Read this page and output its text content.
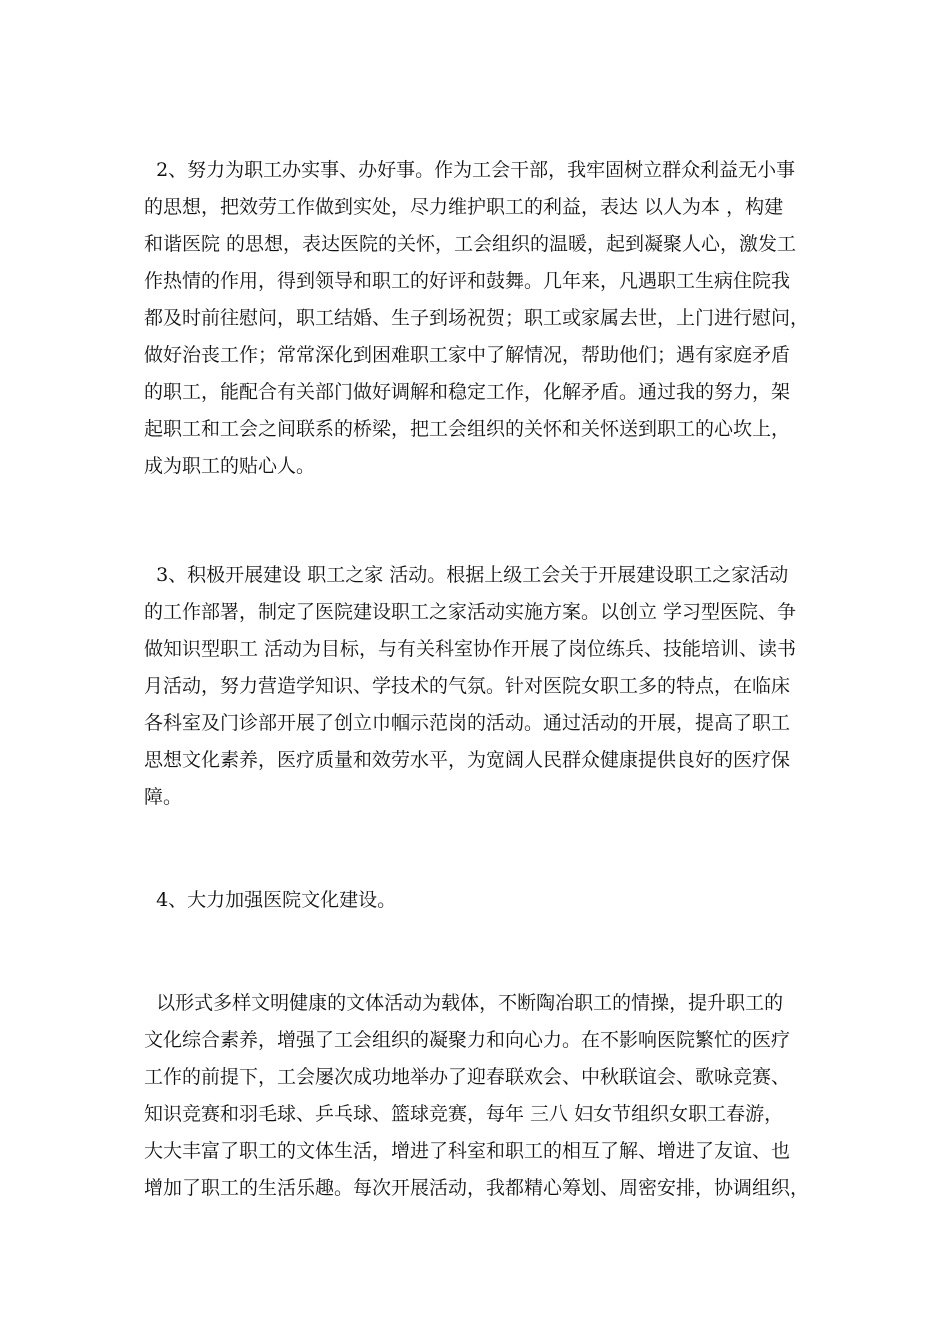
2、努力为职工办实事、办好事。作为工会干部，我牢固树立群众利益无小事
的思想，把效劳工作做到实处，尽力维护职工的利益，表达 以人为本 ，构建
和谐医院 的思想，表达医院的关怀，工会组织的温暖，起到凝聚人心，激发工
作热情的作用，得到领导和职工的好评和鼓舞。几年来，凡遇职工生病住院我
都及时前往慰问，职工结婚、生子到场祝贺；职工或家属去世，上门进行慰问，
做好治丧工作；常常深化到困难职工家中了解情况，帮助他们；遇有家庭矛盾
的职工，能配合有关部门做好调解和稳定工作，化解矛盾。通过我的努力，架
起职工和工会之间联系的桥梁，把工会组织的关怀和关怀送到职工的心坎上，
成为职工的贴心人。
3、积极开展建设 职工之家 活动。根据上级工会关于开展建设职工之家活动
的工作部署，制定了医院建设职工之家活动实施方案。以创立 学习型医院、争
做知识型职工 活动为目标，与有关科室协作开展了岗位练兵、技能培训、读书
月活动，努力营造学知识、学技术的气氛。针对医院女职工多的特点，在临床
各科室及门诊部开展了创立巾帼示范岗的活动。通过活动的开展，提高了职工
思想文化素养，医疗质量和效劳水平，为宽阔人民群众健康提供良好的医疗保
障。
4、大力加强医院文化建设。
以形式多样文明健康的文体活动为载体，不断陶冶职工的情操，提升职工的
文化综合素养，增强了工会组织的凝聚力和向心力。在不影响医院繁忙的医疗
工作的前提下，工会屡次成功地举办了迎春联欢会、中秋联谊会、歌咏竞赛、
知识竞赛和羽毛球、乒乓球、篮球竞赛，每年 三八 妇女节组织女职工春游，
大大丰富了职工的文体生活，增进了科室和职工的相互了解、增进了友谊、也
增加了职工的生活乐趣。每次开展活动，我都精心筹划、周密安排，协调组织，
